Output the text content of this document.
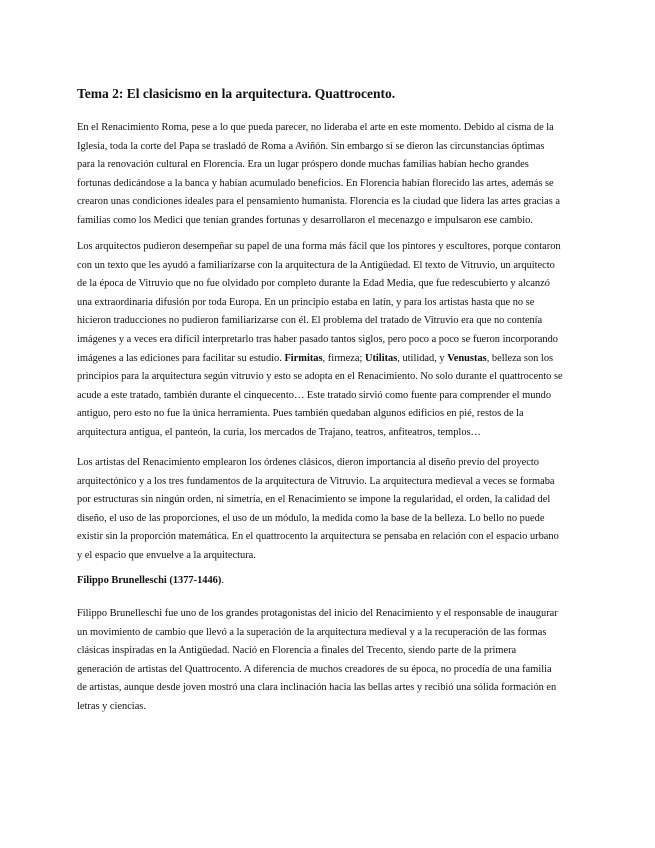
Tema 2: El clasicismo en la arquitectura. Quattrocento.
En el Renacimiento Roma, pese a lo que pueda parecer, no lideraba el arte en este momento. Debido al cisma de la
Iglesia, toda la corte del Papa se trasladó de Roma a Aviñón. Sin embargo sí se dieron las circunstancias óptimas
para la renovación cultural en Florencia. Era un lugar próspero donde muchas familias habían hecho grandes
fortunas dedicándose a la banca y habían acumulado beneficios. En Florencia habían florecido las artes, además se
crearon unas condiciones ideales para el pensamiento humanista. Florencia es la ciudad que lidera las artes gracias a
familias como los Medici que tenían grandes fortunas y desarrollaron el mecenazgo e impulsaron ese cambio.
Los arquitectos pudieron desempeñar su papel de una forma más fácil que los pintores y escultores, porque contaron
con un texto que les ayudó a familiarizarse con la arquitectura de la Antigüedad. El texto de Vitruvio, un arquitecto
de la época de Vitruvio que no fue olvidado por completo durante la Edad Media, que fue redescubierto y alcanzó
una extraordinaria difusión por toda Europa. En un principio estaba en latín, y para los artistas hasta que no se
hicieron traducciones no pudieron familiarizarse con él. El problema del tratado de Vitruvio era que no contenía
imágenes y a veces era difícil interpretarlo tras haber pasado tantos siglos, pero poco a poco se fueron incorporando
imágenes a las ediciones para facilitar su estudio. Firmitas, firmeza; Utilitas, utilidad, y Venustas, belleza son los
principios para la arquitectura según vitruvio y esto se adopta en el Renacimiento. No solo durante el quattrocento se
acude a este tratado, también durante el cinquecento… Este tratado sirvió como fuente para comprender el mundo
antiguo, pero esto no fue la única herramienta. Pues también quedaban algunos edificios en pié, restos de la
arquitectura antigua, el panteón, la curia, los mercados de Trajano, teatros, anfiteatros, templos…
Los artistas del Renacimiento emplearon los órdenes clásicos, dieron importancia al diseño previo del proyecto
arquitectónico y a los tres fundamentos de la arquitectura de Vitruvio. La arquitectura medieval a veces se formaba
por estructuras sin ningún orden, ni simetría, en el Renacimiento se impone la regularidad, el orden, la calidad del
diseño, el uso de las proporciones, el uso de un módulo, la medida como la base de la belleza. Lo bello no puede
existir sin la proporción matemática. En el quattrocento la arquitectura se pensaba en relación con el espacio urbano
y el espacio que envuelve a la arquitectura.
Filippo Brunelleschi (1377-1446).
Filippo Brunelleschi fue uno de los grandes protagonistas del inicio del Renacimiento y el responsable de inaugurar
un movimiento de cambio que llevó a la superación de la arquitectura medieval y a la recuperación de las formas
clásicas inspiradas en la Antigüedad. Nació en Florencia a finales del Trecento, siendo parte de la primera
generación de artistas del Quattrocento. A diferencia de muchos creadores de su época, no procedía de una familia
de artistas, aunque desde joven mostró una clara inclinación hacia las bellas artes y recibió una sólida formación en
letras y ciencias.
